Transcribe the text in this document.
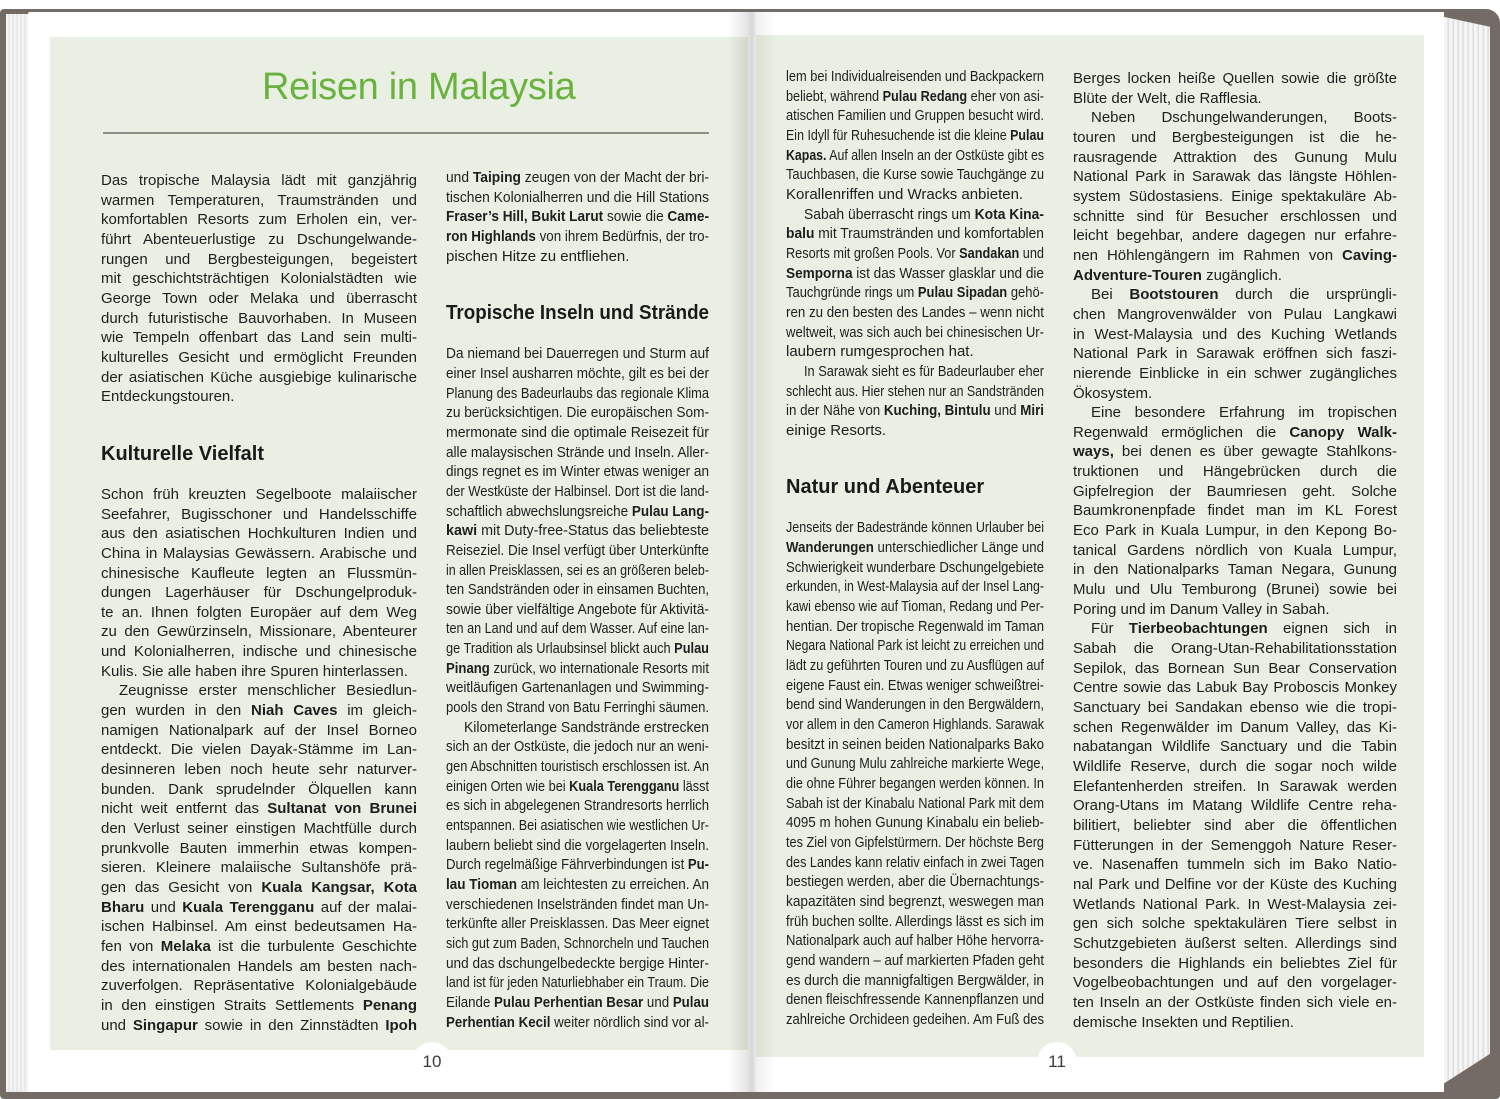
Reisen in Malaysia
Das tropische Malaysia lädt mit ganzjährig
warmen Temperaturen, Traumstränden und
komfortablen Resorts zum Erholen ein, ver-
führt Abenteuerlustige zu Dschungelwande-
rungen und Bergbesteigungen, begeistert
mit geschichtsträchtigen Kolonialstädten wie
George Town oder Melaka und überrascht
durch futuristische Bauvorhaben. In Museen
wie Tempeln offenbart das Land sein multi-
kulturelles Gesicht und ermöglicht Freunden
der asiatischen Küche ausgiebige kulinarische
Entdeckungstouren.
Kulturelle Vielfalt
Schon früh kreuzten Segelboote malaiischer
Seefahrer, Bugisschoner und Handelsschiffe
aus den asiatischen Hochkulturen Indien und
China in Malaysias Gewässern. Arabische und
chinesische Kaufleute legten an Flussmün-
dungen Lagerhäuser für Dschungelproduk-
te an. Ihnen folgten Europäer auf dem Weg
zu den Gewürzinseln, Missionare, Abenteurer
und Kolonialherren, indische und chinesische
Kulis. Sie alle haben ihre Spuren hinterlassen.
Zeugnisse erster menschlicher Besiedlun-
gen wurden in den Niah Caves im gleich-
namigen Nationalpark auf der Insel Borneo
entdeckt. Die vielen Dayak-Stämme im Lan-
desinneren leben noch heute sehr naturver-
bunden. Dank sprudelnder Ölquellen kann
nicht weit entfernt das Sultanat von Brunei
den Verlust seiner einstigen Machtfülle durch
prunkvolle Bauten immerhin etwas kompen-
sieren. Kleinere malaiische Sultanshöfe prä-
gen das Gesicht von Kuala Kangsar, Kota
Bharu und Kuala Terengganu auf der malai-
ischen Halbinsel. Am einst bedeutsamen Ha-
fen von Melaka ist die turbulente Geschichte
des internationalen Handels am besten nach-
zuverfolgen. Repräsentative Kolonialgebäude
in den einstigen Straits Settlements Penang
und Singapur sowie in den Zinnstädten Ipoh
und Taiping zeugen von der Macht der bri-
tischen Kolonialherren und die Hill Stations
Fraser’s Hill, Bukit Larut sowie die Came-
ron Highlands von ihrem Bedürfnis, der tro-
pischen Hitze zu entfliehen.
Tropische Inseln und Strände
Da niemand bei Dauerregen und Sturm auf
einer Insel ausharren möchte, gilt es bei der
Planung des Badeurlaubs das regionale Klima
zu berücksichtigen. Die europäischen Som-
mermonate sind die optimale Reisezeit für
alle malaysischen Strände und Inseln. Aller-
dings regnet es im Winter etwas weniger an
der Westküste der Halbinsel. Dort ist die land-
schaftlich abwechslungsreiche Pulau Lang-
kawi mit Duty-free-Status das beliebteste
Reiseziel. Die Insel verfügt über Unterkünfte
in allen Preisklassen, sei es an größeren beleb-
ten Sandstränden oder in einsamen Buchten,
sowie über vielfältige Angebote für Aktivitä-
ten an Land und auf dem Wasser. Auf eine lan-
ge Tradition als Urlaubsinsel blickt auch Pulau
Pinang zurück, wo internationale Resorts mit
weitläufigen Gartenanlagen und Swimming-
pools den Strand von Batu Ferringhi säumen.
Kilometerlange Sandstrände erstrecken
sich an der Ostküste, die jedoch nur an weni-
gen Abschnitten touristisch erschlossen ist. An
einigen Orten wie bei Kuala Terengganu lässt
es sich in abgelegenen Strandresorts herrlich
entspannen. Bei asiatischen wie westlichen Ur-
laubern beliebt sind die vorgelagerten Inseln.
Durch regelmäßige Fährverbindungen ist Pu-
lau Tioman am leichtesten zu erreichen. An
verschiedenen Inselstränden findet man Un-
terkünfte aller Preisklassen. Das Meer eignet
sich gut zum Baden, Schnorcheln und Tauchen
und das dschungelbedeckte bergige Hinter-
land ist für jeden Naturliebhaber ein Traum. Die
Eilande Pulau Perhentian Besar und Pulau
Perhentian Kecil weiter nördlich sind vor al-
lem bei Individualreisenden und Backpackern
beliebt, während Pulau Redang eher von asi-
atischen Familien und Gruppen besucht wird.
Ein Idyll für Ruhesuchende ist die kleine Pulau
Kapas. Auf allen Inseln an der Ostküste gibt es
Tauchbasen, die Kurse sowie Tauchgänge zu
Korallenriffen und Wracks anbieten.
Sabah überrascht rings um Kota Kina-
balu mit Traumstränden und komfortablen
Resorts mit großen Pools. Vor Sandakan und
Semporna ist das Wasser glasklar und die
Tauchgründe rings um Pulau Sipadan gehö-
ren zu den besten des Landes – wenn nicht
weltweit, was sich auch bei chinesischen Ur-
laubern rumgesprochen hat.
In Sarawak sieht es für Badeurlauber eher
schlecht aus. Hier stehen nur an Sandstränden
in der Nähe von Kuching, Bintulu und Miri
einige Resorts.
Natur und Abenteuer
Jenseits der Badestrände können Urlauber bei
Wanderungen unterschiedlicher Länge und
Schwierigkeit wunderbare Dschungelgebiete
erkunden, in West-Malaysia auf der Insel Lang-
kawi ebenso wie auf Tioman, Redang und Per-
hentian. Der tropische Regenwald im Taman
Negara National Park ist leicht zu erreichen und
lädt zu geführten Touren und zu Ausflügen auf
eigene Faust ein. Etwas weniger schweißtrei-
bend sind Wanderungen in den Bergwäldern,
vor allem in den Cameron Highlands. Sarawak
besitzt in seinen beiden Nationalparks Bako
und Gunung Mulu zahlreiche markierte Wege,
die ohne Führer begangen werden können. In
Sabah ist der Kinabalu National Park mit dem
4095 m hohen Gunung Kinabalu ein belieb-
tes Ziel von Gipfelstürmern. Der höchste Berg
des Landes kann relativ einfach in zwei Tagen
bestiegen werden, aber die Übernachtungs-
kapazitäten sind begrenzt, weswegen man
früh buchen sollte. Allerdings lässt es sich im
Nationalpark auch auf halber Höhe hervorra-
gend wandern – auf markierten Pfaden geht
es durch die mannigfaltigen Bergwälder, in
denen fleischfressende Kannenpflanzen und
zahlreiche Orchideen gedeihen. Am Fuß des
Berges locken heiße Quellen sowie die größte
Blüte der Welt, die Rafflesia.
Neben Dschungelwanderungen, Boots-
touren und Bergbesteigungen ist die he-
rausragende Attraktion des Gunung Mulu
National Park in Sarawak das längste Höhlen-
system Südostasiens. Einige spektakuläre Ab-
schnitte sind für Besucher erschlossen und
leicht begehbar, andere dagegen nur erfahre-
nen Höhlengängern im Rahmen von Caving-
Adventure-Touren zugänglich.
Bei Bootstouren durch die ursprüngli-
chen Mangrovenwälder von Pulau Langkawi
in West-Malaysia und des Kuching Wetlands
National Park in Sarawak eröffnen sich faszi-
nierende Einblicke in ein schwer zugängliches
Ökosystem.
Eine besondere Erfahrung im tropischen
Regenwald ermöglichen die Canopy Walk-
ways, bei denen es über gewagte Stahlkons-
truktionen und Hängebrücken durch die
Gipfelregion der Baumriesen geht. Solche
Baumkronenpfade findet man im KL Forest
Eco Park in Kuala Lumpur, in den Kepong Bo-
tanical Gardens nördlich von Kuala Lumpur,
in den Nationalparks Taman Negara, Gunung
Mulu und Ulu Temburong (Brunei) sowie bei
Poring und im Danum Valley in Sabah.
Für Tierbeobachtungen eignen sich in
Sabah die Orang-Utan-Rehabilitationsstation
Sepilok, das Bornean Sun Bear Conservation
Centre sowie das Labuk Bay Proboscis Monkey
Sanctuary bei Sandakan ebenso wie die tropi-
schen Regenwälder im Danum Valley, das Ki-
nabatangan Wildlife Sanctuary und die Tabin
Wildlife Reserve, durch die sogar noch wilde
Elefantenherden streifen. In Sarawak werden
Orang-Utans im Matang Wildlife Centre reha-
bilitiert, beliebter sind aber die öffentlichen
Fütterungen in der Semenggoh Nature Reser-
ve. Nasenaffen tummeln sich im Bako Natio-
nal Park und Delfine vor der Küste des Kuching
Wetlands National Park. In West-Malaysia zei-
gen sich solche spektakulären Tiere selbst in
Schutzgebieten äußerst selten. Allerdings sind
besonders die Highlands ein beliebtes Ziel für
Vogelbeobachtungen und auf den vorgelager-
ten Inseln an der Ostküste finden sich viele en-
demische Insekten und Reptilien.
10	11
